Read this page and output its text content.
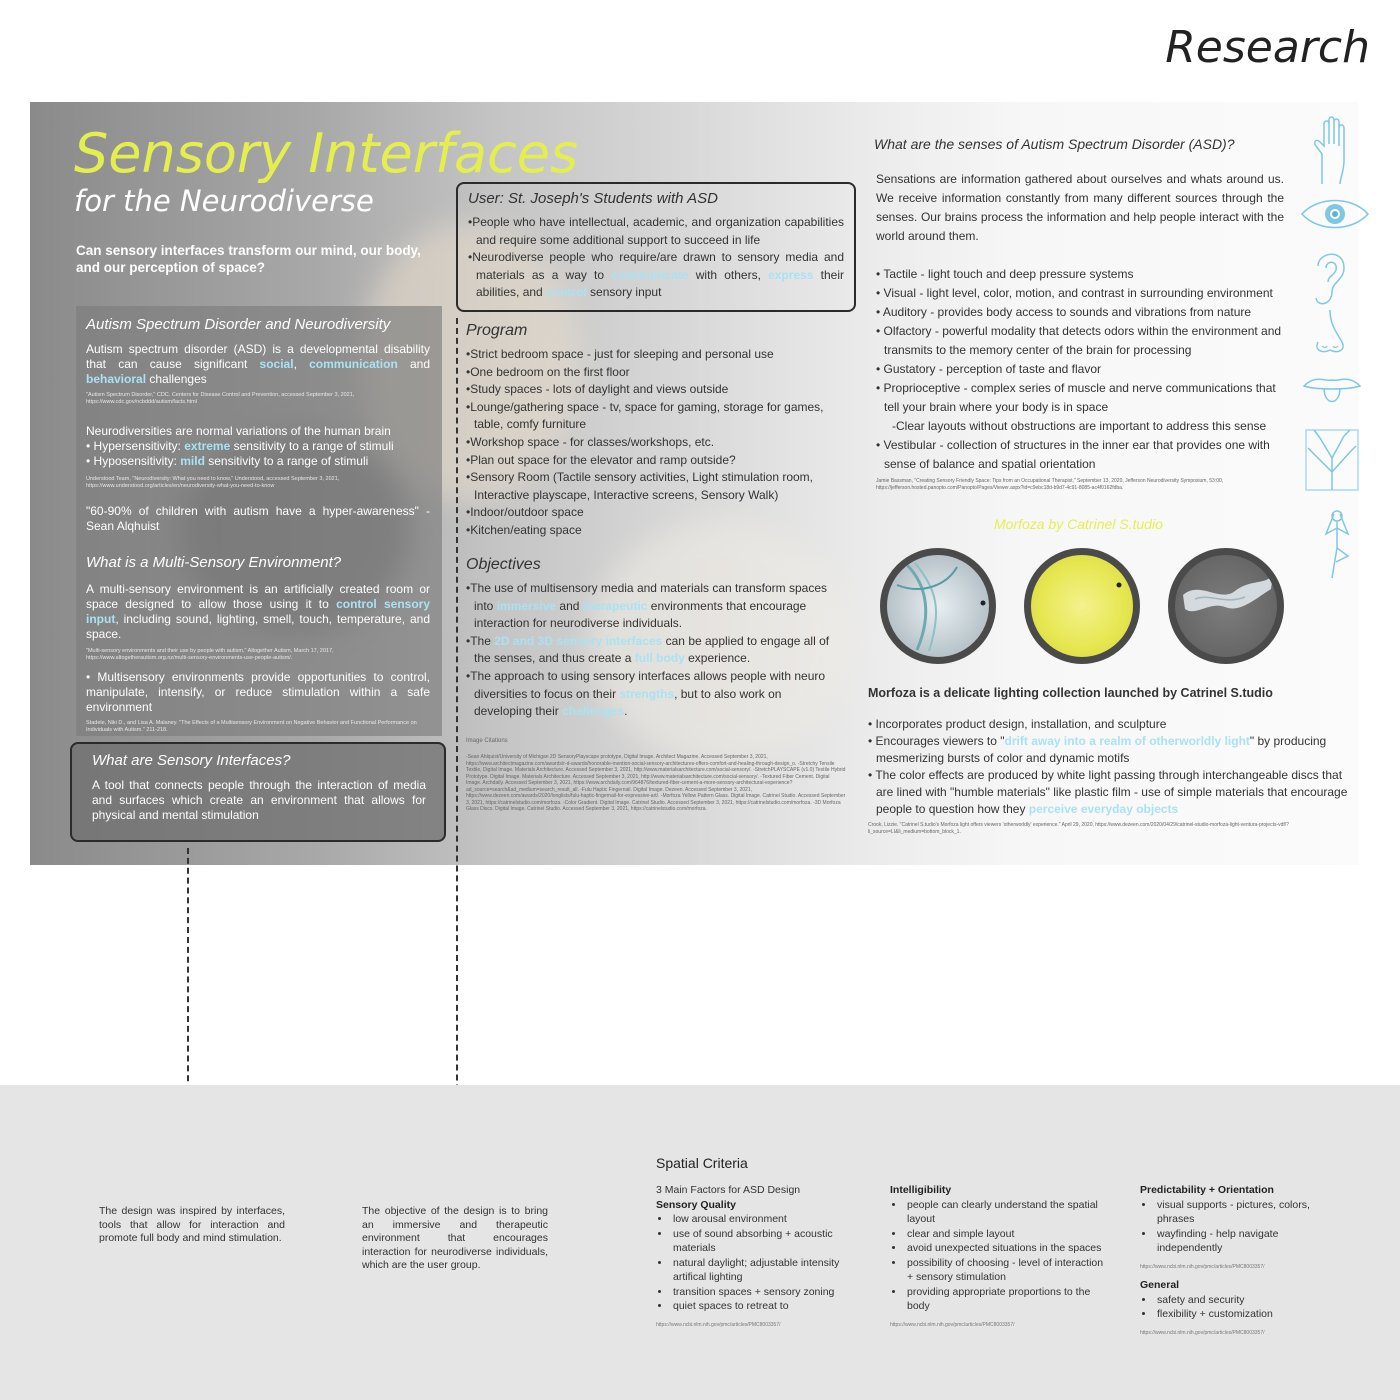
Research
Sensory Interfaces
for the Neurodiverse
Can sensory interfaces transform our mind, our body, and our perception of space?
Autism Spectrum Disorder and Neurodiversity
Autism spectrum disorder (ASD) is a developmental disability that can cause significant social, communication and behavioral challenges
"Autism Spectrum Disorder," CDC. Centers for Disease Control and Prevention, accessed September 3, 2021, https://www.cdc.gov/ncbddd/autism/facts.html
Neurodiversities are normal variations of the human brain
• Hypersensitivity: extreme sensitivity to a range of stimuli
• Hyposensitivity: mild sensitivity to a range of stimuli
Understood Team, "Neurodiversity: What you need to know," Understood, accessed September 3, 2021, https://www.understood.org/articles/en/neurodiversity-what-you-need-to-know
"60-90% of children with autism have a hyper-awareness" - Sean Alqhuist
What is a Multi-Sensory Environment?
A multi-sensory environment is an artificially created room or space designed to allow those using it to control sensory input, including sound, lighting, smell, touch, temperature, and space.
"Multi-sensory environments and their use by people with autism," Altogether Autism, March 17, 2017, https://www.altogetherautism.org.nz/multi-sensory-environments-use-people-autism/.
• Multisensory environments provide opportunities to control, manipulate, intensify, or reduce stimulation within a safe environment
Stadele, Niki D., and Lisa A. Malaney. "The Effects of a Multisensory Environment on Negative Behavior and Functional Performance on Individuals with Autism." 211-218.
What are Sensory Interfaces?
A tool that connects people through the interaction of media and surfaces which create an environment that allows for physical and mental stimulation
User: St. Joseph's Students with ASD
•People who have intellectual, academic, and organization capabilities and require some additional support to succeed in life
•Neurodiverse people who require/are drawn to sensory media and materials as a way to communicate with others, express their abilities, and control sensory input
Program
•Strict bedroom space - just for sleeping and personal use
•One bedroom on the first floor
•Study spaces - lots of daylight and views outside
•Lounge/gathering space - tv, space for gaming, storage for games, table, comfy furniture
•Workshop space - for classes/workshops, etc.
•Plan out space for the elevator and ramp outside?
•Sensory Room (Tactile sensory activities, Light stimulation room, Interactive playscape, Interactive screens, Sensory Walk)
•Indoor/outdoor space
•Kitchen/eating space
Objectives
•The use of multisensory media and materials can transform spaces into immersive and therapeutic environments that encourage interaction for neurodiverse individuals.
•The 2D and 3D sensory interfaces can be applied to engage all of the senses, and thus create a full body experience.
•The approach to using sensory interfaces allows people with neuro diversities to focus on their strengths, but to also work on developing their challenges.
Image Citations
-Sean Ahlquist/University of Michigan 2D SensoryPlayscape prototype, Digital Image. Architect Magazine. Accessed September 3, 2021, https://www.architectmagazine.com/awards/r-d-awards/honorable-mention-social-sensory-architectures-offers-comfort-and-healing-through-design_o. -Stretchy Tensile Textile, Digital Image. Materials Architecture. Accessed September 3, 2021, http://www.materialsarchitecture.com/social-sensory/. -StretchPLAYSCAPE (v1.0) Textile Hybrid Prototype. Digital Image. Materials Architecture. Accessed September 3, 2021, http://www.materialsarchitecture.com/social-sensory/. -Textured Fiber Cement. Digital Image. Archdaily. Accessed September 3, 2021, https://www.archdaily.com/964876/textured-fiber-cement-a-more-sensory-architectural-experience?ad_source=search&ad_medium=search_result_all. -Fulu Haptic Fingernail. Digital Image. Dezeen. Accessed September 3, 2021, https://www.dezeen.com/awards/2020/longlists/fulu-haptic-fingernail-for-expressive-art/. -Morfoza Yellow Pattern Glass. Digital Image. Catrinel Studio. Accessed September 3, 2021, https://catrinelstudio.com/morfoza. -Color Gradient. Digital Image. Catrinel Studio. Accessed September 3, 2021, https://catrinelstudio.com/morfoza. -3D Morfoza Glass Discs. Digital Image. Catrinel Studio. Accessed September 3, 2021, https://catrinelstudio.com/morfoza.
What are the senses of Autism Spectrum Disorder (ASD)?
Sensations are information gathered about ourselves and whats around us. We receive information constantly from many different sources through the senses. Our brains process the information and help people interact with the world around them.
• Tactile - light touch and deep pressure systems
• Visual - light level, color, motion, and contrast in surrounding environment
• Auditory - provides body access to sounds and vibrations from nature
• Olfactory - powerful modality that detects odors within the environment and transmits to the memory center of the brain for processing
• Gustatory - perception of taste and flavor
• Proprioceptive - complex series of muscle and nerve communications that tell your brain where your body is in space
-Clear layouts without obstructions are important to address this sense
• Vestibular - collection of structures in the inner ear that provides one with sense of balance and spatial orientation
Jamie Bassman, "Creating Sensory Friendly Space: Tips from an Occupational Therapist," September 13, 2020, Jefferson Neurodiversity Symposium, 53:00, https://jefferson.hosted.panopto.com/Panopto/Pages/Viewer.aspx?id=c9ebc18d-b9d7-4c91-8085-ac4f0162fdba.
Morfoza by Catrinel S.tudio
Morfoza is a delicate lighting collection launched by Catrinel S.tudio
• Incorporates product design, installation, and sculpture
• Encourages viewers to "drift away into a realm of otherworldly light" by producing mesmerizing bursts of color and dynamic motifs
• The color effects are produced by white light passing through interchangeable discs that are lined with "humble materials" like plastic film - use of simple materials that encourage people to question how they perceive everyday objects
Crook, Lizzie. "Catrinel S.tudio's Morfoza light offers viewers 'otherworldly' experience." April 29, 2020, https://www.dezeen.com/2020/04/29/catrinel-studio-morfoza-light-ventura-projects-vdf/?li_source=LI&li_medium=bottom_block_1.
The design was inspired by interfaces, tools that allow for interaction and promote full body and mind stimulation.
The objective of the design is to bring an immersive and therapeutic environment that encourages interaction for neurodiverse individuals, which are the user group.
Spatial Criteria
3 Main Factors for ASD Design
Sensory Quality
• low arousal environment
• use of sound absorbing + acoustic materials
• natural daylight; adjustable intensity artifical lighting
• transition spaces + sensory zoning
• quiet spaces to retreat to
https://www.ncbi.nlm.nih.gov/pmc/articles/PMC8003357/
Intelligibility
• people can clearly understand the spatial layout
• clear and simple layout
• avoid unexpected situations in the spaces
• possibility of choosing - level of interaction + sensory stimulation
• providing appropriate proportions to the body
https://www.ncbi.nlm.nih.gov/pmc/articles/PMC8003357/
Predictability + Orientation
• visual supports - pictures, colors, phrases
• wayfinding - help navigate independently
https://www.ncbi.nlm.nih.gov/pmc/articles/PMC8003357/
General
• safety and security
• flexibility + customization
https://www.ncbi.nlm.nih.gov/pmc/articles/PMC8003357/
